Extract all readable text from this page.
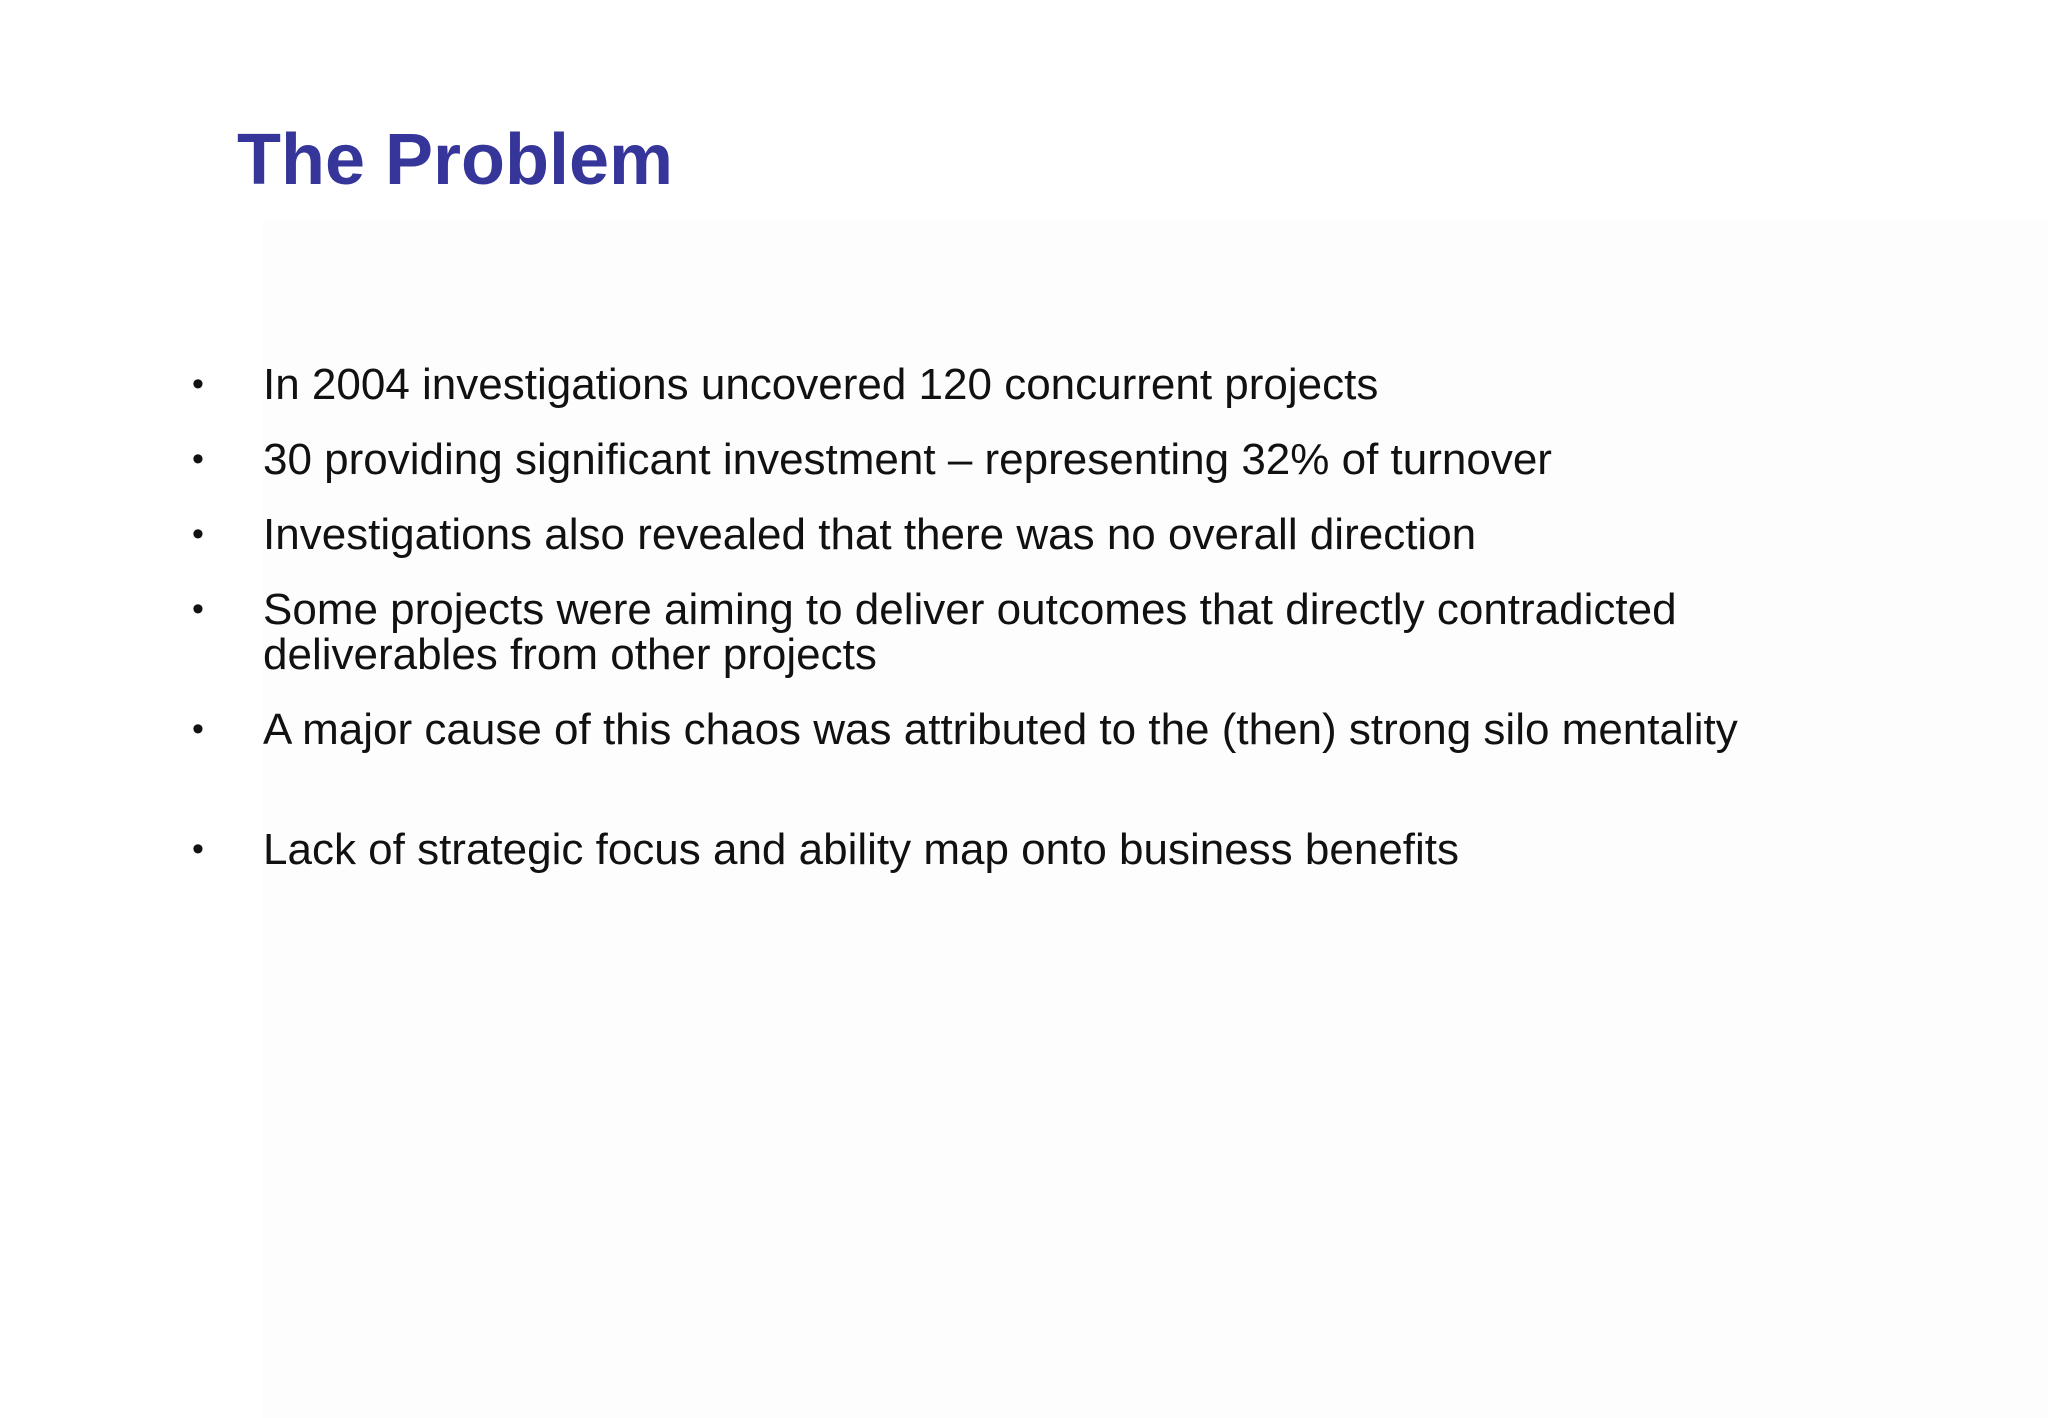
The Problem
• In 2004 investigations uncovered 120 concurrent projects
• 30 providing significant investment – representing 32% of turnover
• Investigations also revealed that there was no overall direction
• Some projects were aiming to deliver outcomes that directly contradicted deliverables from other projects
• A major cause of this chaos was attributed to the (then) strong silo mentality
• Lack of strategic focus and ability map onto business benefits
